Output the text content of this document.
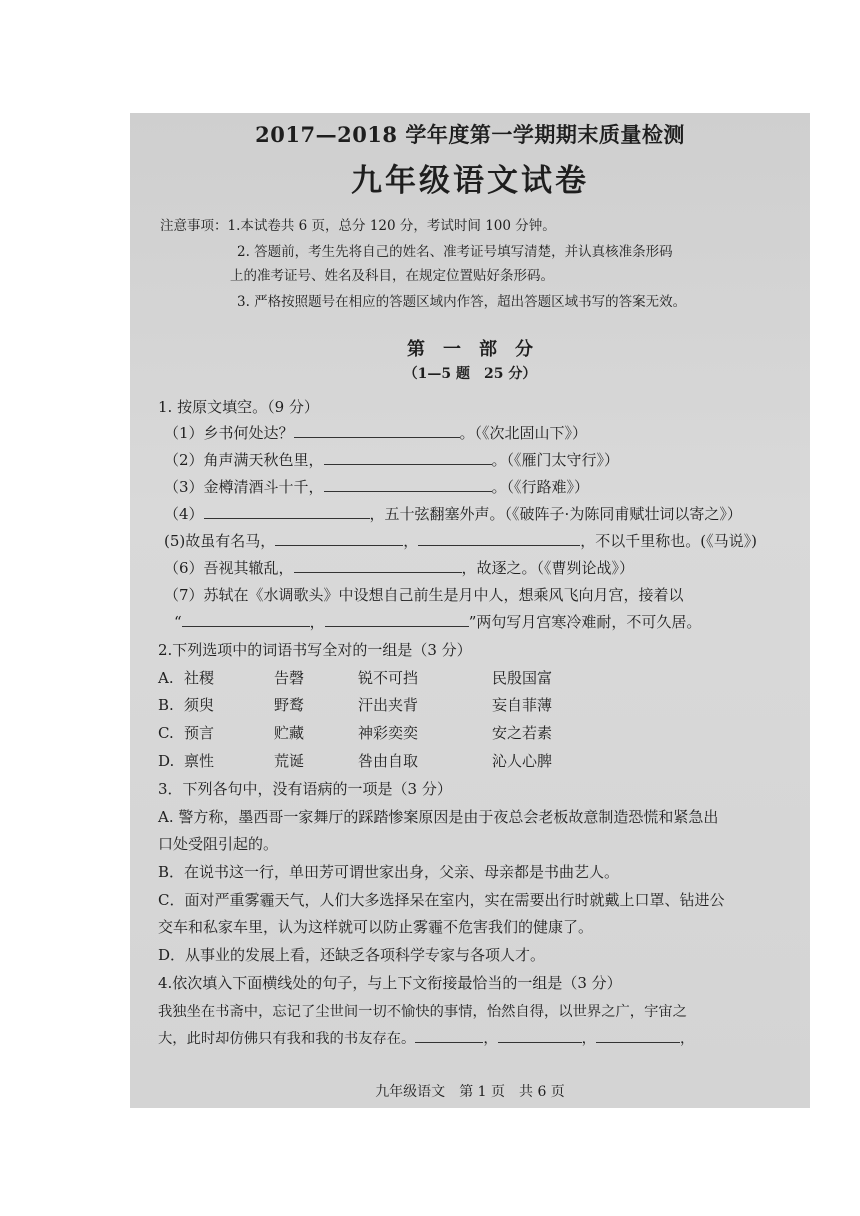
2017—2018 学年度第一学期期末质量检测
九年级语文试卷
注意事项：1.本试卷共 6 页，总分 120 分，考试时间 100 分钟。
2. 答题前，考生先将自己的姓名、准考证号填写清楚，并认真核准条形码
上的准考证号、姓名及科目，在规定位置贴好条形码。
3. 严格按照题号在相应的答题区域内作答，超出答题区域书写的答案无效。
第　一　部　分
（1—5 题　25 分）
1. 按原文填空。（9 分）
（1）乡书何处达？	。（《次北固山下》）
（2）角声满天秋色里，	。（《雁门太守行》）
（3）金樽清酒斗十千，	。（《行路难》）
（4）	，五十弦翻塞外声。（《破阵子·为陈同甫赋壮词以寄之》）
(5)故虽有名马，	，	，不以千里称也。(《马说》)
（6）吾视其辙乱，	，故逐之。（《曹刿论战》）
（7）苏轼在《水调歌头》中设想自己前生是月中人，想乘风飞向月宫，接着以
“	，	”两句写月宫寒冷难耐，不可久居。
2.下列选项中的词语书写全对的一组是（3 分）
A. 社稷	告磬	锐不可挡	民殷国富
B. 须臾	野鹜	汗出夹背	妄自菲薄
C. 预言	贮藏	神彩奕奕	安之若素
D. 禀性	荒诞	咎由自取	沁人心脾
3．下列各句中，没有语病的一项是（3 分）
A. 警方称，墨西哥一家舞厅的踩踏惨案原因是由于夜总会老板故意制造恐慌和紧急出
口处受阻引起的。
B．在说书这一行，单田芳可谓世家出身，父亲、母亲都是书曲艺人。
C．面对严重雾霾天气，人们大多选择呆在室内，实在需要出行时就戴上口罩、钻进公
交车和私家车里，认为这样就可以防止雾霾不危害我们的健康了。
D．从事业的发展上看，还缺乏各项科学专家与各项人才。
4.依次填入下面横线处的句子，与上下文衔接最恰当的一组是（3 分）
我独坐在书斋中，忘记了尘世间一切不愉快的事情，怡然自得，以世界之广，宇宙之
大，此时却仿佛只有我和我的书友存在。	，	，	，
九年级语文　 第 1 页　 共 6 页
